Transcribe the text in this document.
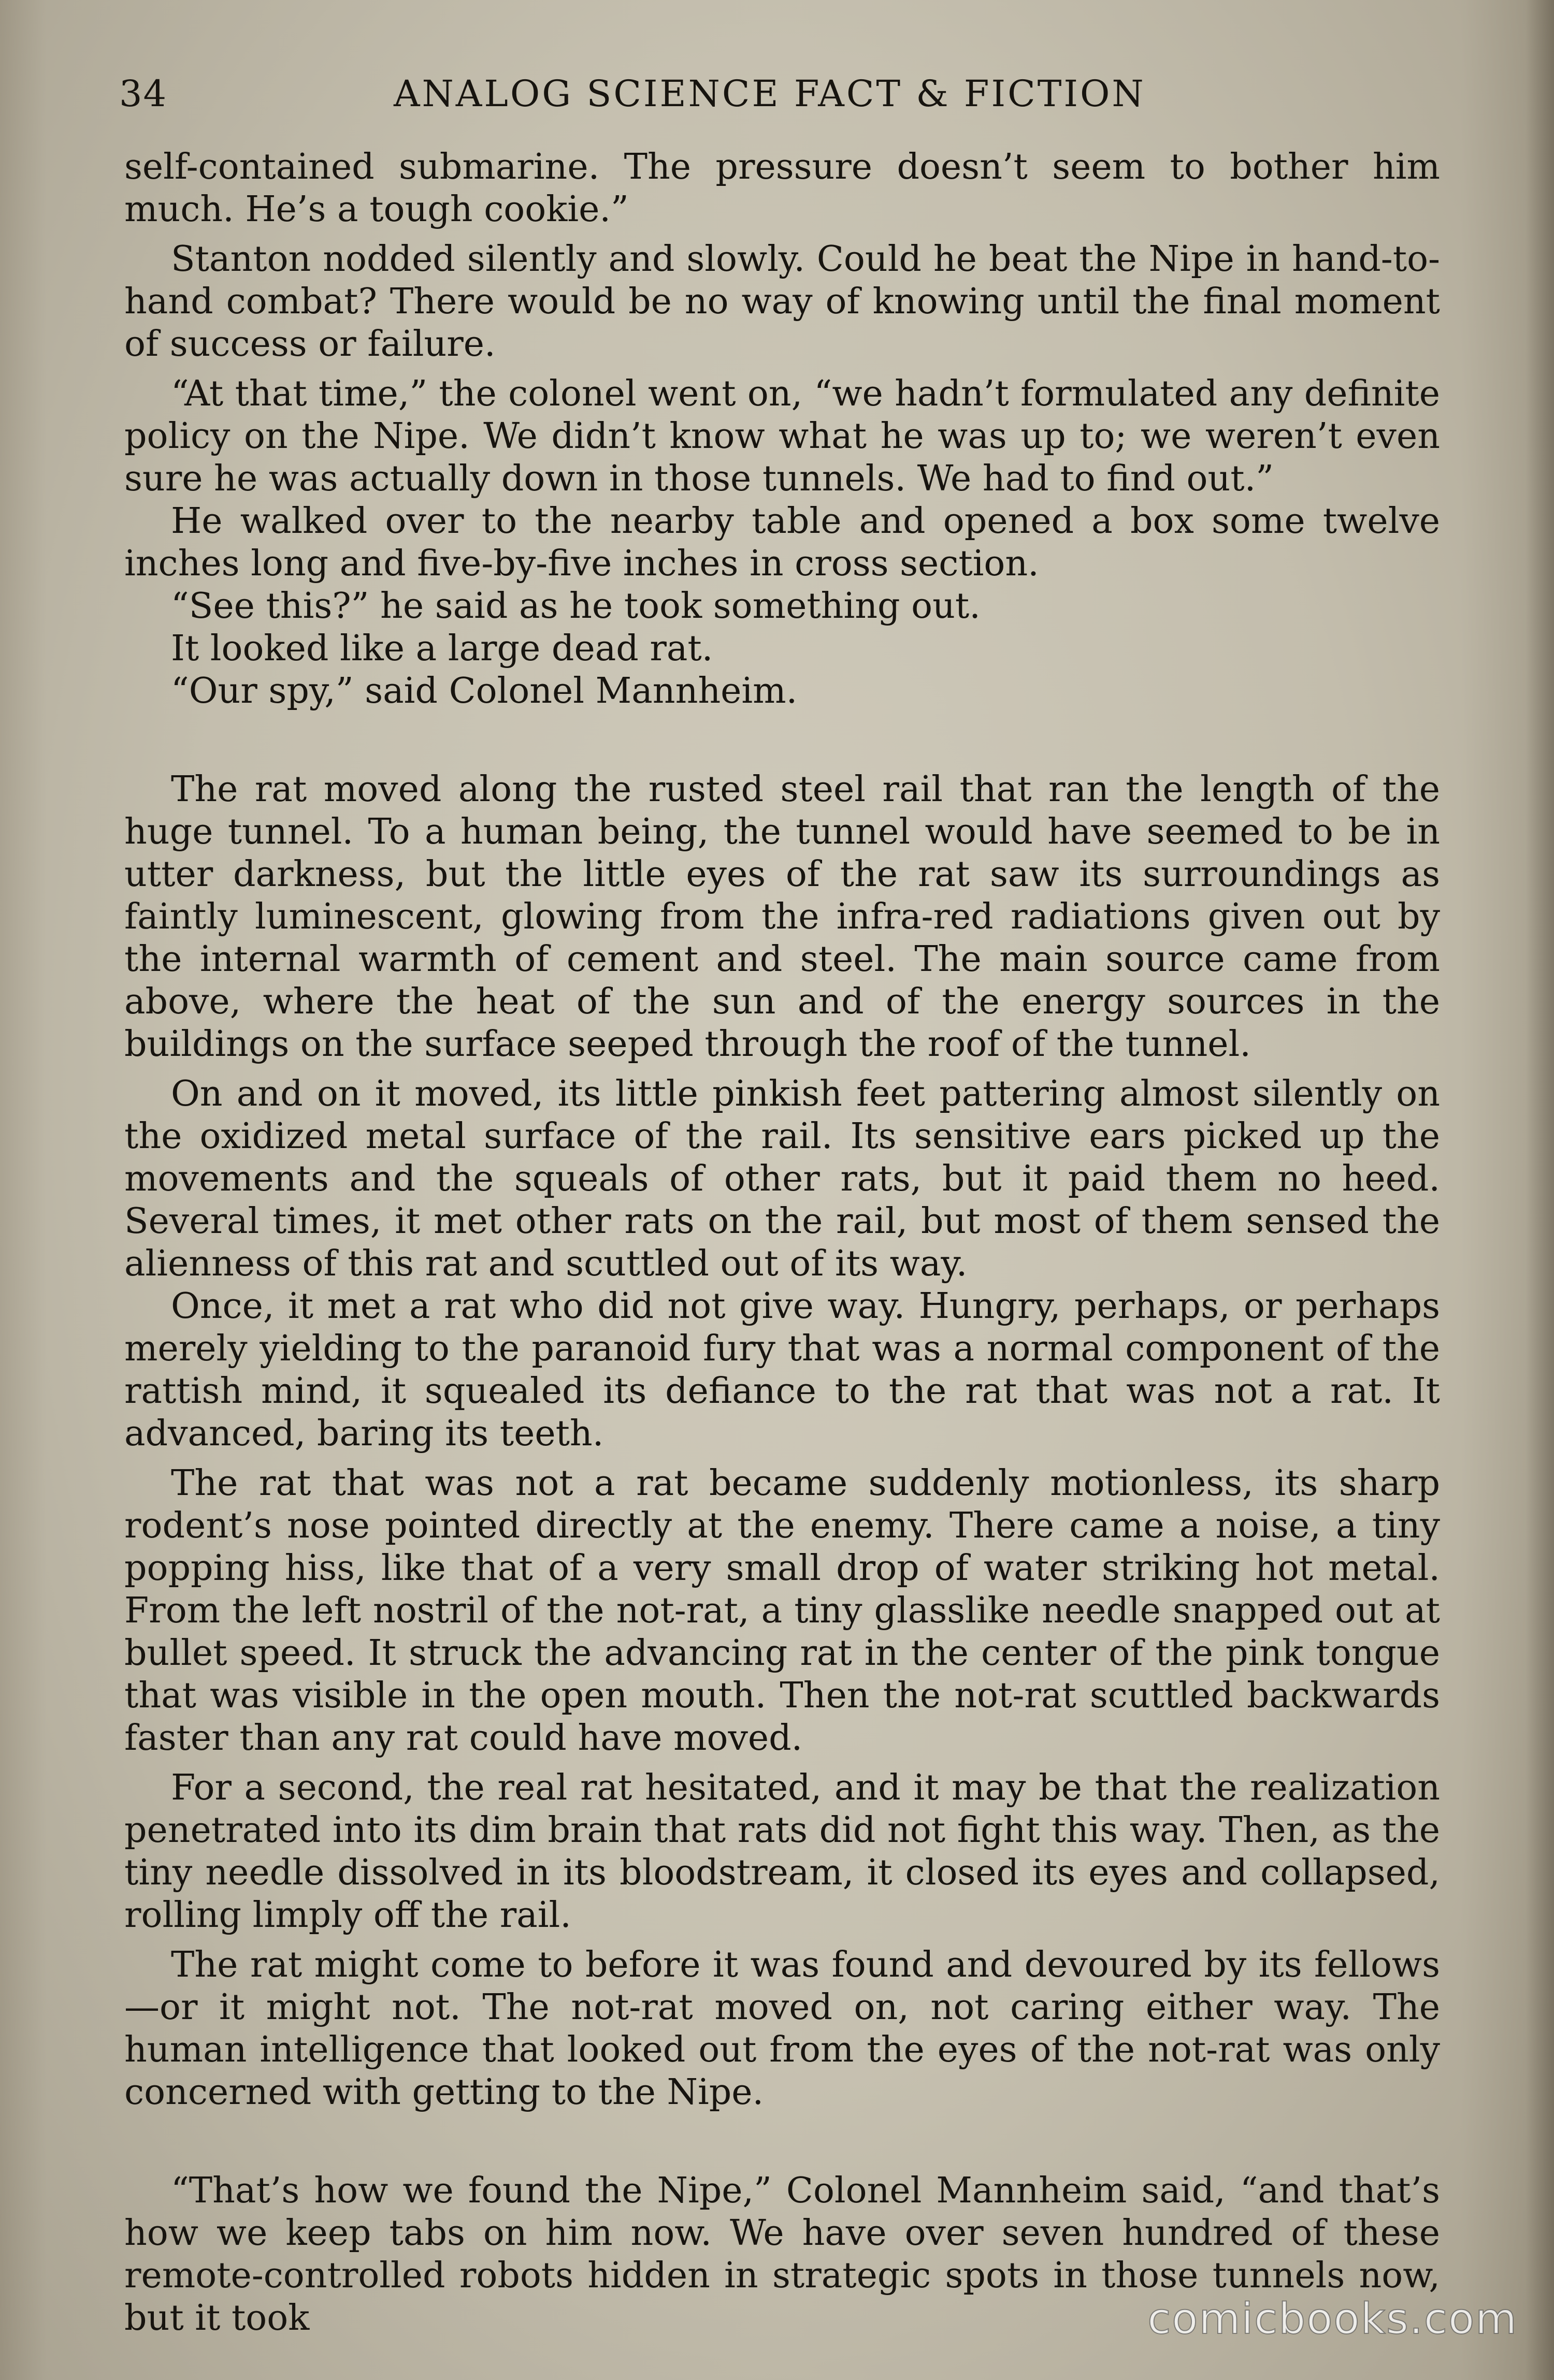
34	ANALOG SCIENCE FACT & FICTION

self-contained submarine. The pressure doesn’t seem to bother him much. He’s a tough cookie.”

Stanton nodded silently and slowly. Could he beat the Nipe in hand-to-hand combat? There would be no way of knowing until the final moment of success or failure.

“At that time,” the colonel went on, “we hadn’t formulated any definite policy on the Nipe. We didn’t know what he was up to; we weren’t even sure he was actually down in those tunnels. We had to find out.”

He walked over to the nearby table and opened a box some twelve inches long and five-by-five inches in cross section.

“See this?” he said as he took something out.

It looked like a large dead rat.

“Our spy,” said Colonel Mannheim.

The rat moved along the rusted steel rail that ran the length of the huge tunnel. To a human being, the tunnel would have seemed to be in utter darkness, but the little eyes of the rat saw its surroundings as faintly luminescent, glowing from the infra-red radiations given out by the internal warmth of cement and steel. The main source came from above, where the heat of the sun and of the energy sources in the buildings on the surface seeped through the roof of the tunnel.

On and on it moved, its little pinkish feet pattering almost silently on the oxidized metal surface of the rail. Its sensitive ears picked up the movements and the squeals of other rats, but it paid them no heed. Several times, it met other rats on the rail, but most of them sensed the alienness of this rat and scuttled out of its way.

Once, it met a rat who did not give way. Hungry, perhaps, or perhaps merely yielding to the paranoid fury that was a normal component of the rattish mind, it squealed its defiance to the rat that was not a rat. It advanced, baring its teeth.

The rat that was not a rat became suddenly motionless, its sharp rodent’s nose pointed directly at the enemy. There came a noise, a tiny popping hiss, like that of a very small drop of water striking hot metal. From the left nostril of the not-rat, a tiny glasslike needle snapped out at bullet speed. It struck the advancing rat in the center of the pink tongue that was visible in the open mouth. Then the not-rat scuttled backwards faster than any rat could have moved.

For a second, the real rat hesitated, and it may be that the realization penetrated into its dim brain that rats did not fight this way. Then, as the tiny needle dissolved in its bloodstream, it closed its eyes and collapsed, rolling limply off the rail.

The rat might come to before it was found and devoured by its fellows—or it might not. The not-rat moved on, not caring either way. The human intelligence that looked out from the eyes of the not-rat was only concerned with getting to the Nipe.

“That’s how we found the Nipe,” Colonel Mannheim said, “and that’s how we keep tabs on him now. We have over seven hundred of these remote-controlled robots hidden in strategic spots in those tunnels now, but it took	comicbooks.com
